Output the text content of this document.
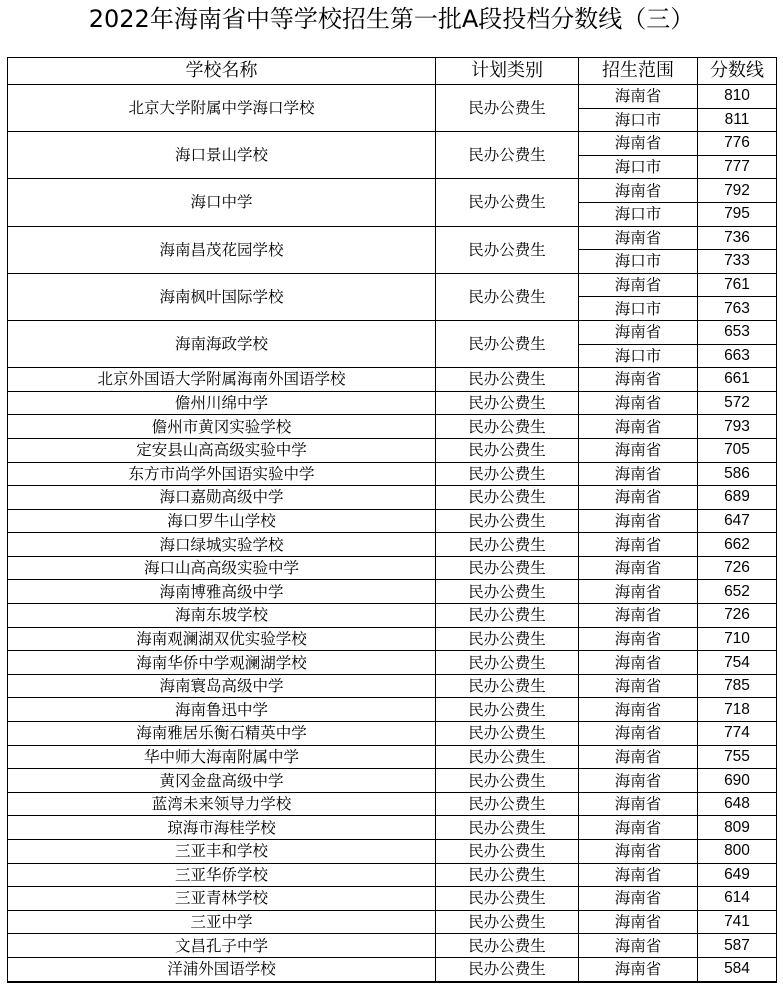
2022年海南省中等学校招生第一批A段投档分数线（三）
学校名称	计划类别	招生范围	分数线
北京大学附属中学海口学校	民办公费生	海南省	810
		海口市	811
海口景山学校	民办公费生	海南省	776
		海口市	777
海口中学	民办公费生	海南省	792
		海口市	795
海南昌茂花园学校	民办公费生	海南省	736
		海口市	733
海南枫叶国际学校	民办公费生	海南省	761
		海口市	763
海南海政学校	民办公费生	海南省	653
		海口市	663
北京外国语大学附属海南外国语学校	民办公费生	海南省	661
儋州川绵中学	民办公费生	海南省	572
儋州市黄冈实验学校	民办公费生	海南省	793
定安县山高高级实验中学	民办公费生	海南省	705
东方市尚学外国语实验中学	民办公费生	海南省	586
海口嘉勋高级中学	民办公费生	海南省	689
海口罗牛山学校	民办公费生	海南省	647
海口绿城实验学校	民办公费生	海南省	662
海口山高高级实验中学	民办公费生	海南省	726
海南博雅高级中学	民办公费生	海南省	652
海南东坡学校	民办公费生	海南省	726
海南观澜湖双优实验学校	民办公费生	海南省	710
海南华侨中学观澜湖学校	民办公费生	海南省	754
海南寰岛高级中学	民办公费生	海南省	785
海南鲁迅中学	民办公费生	海南省	718
海南雅居乐衡石精英中学	民办公费生	海南省	774
华中师大海南附属中学	民办公费生	海南省	755
黄冈金盘高级中学	民办公费生	海南省	690
蓝湾未来领导力学校	民办公费生	海南省	648
琼海市海桂学校	民办公费生	海南省	809
三亚丰和学校	民办公费生	海南省	800
三亚华侨学校	民办公费生	海南省	649
三亚青林学校	民办公费生	海南省	614
三亚中学	民办公费生	海南省	741
文昌孔子中学	民办公费生	海南省	587
洋浦外国语学校	民办公费生	海南省	584
